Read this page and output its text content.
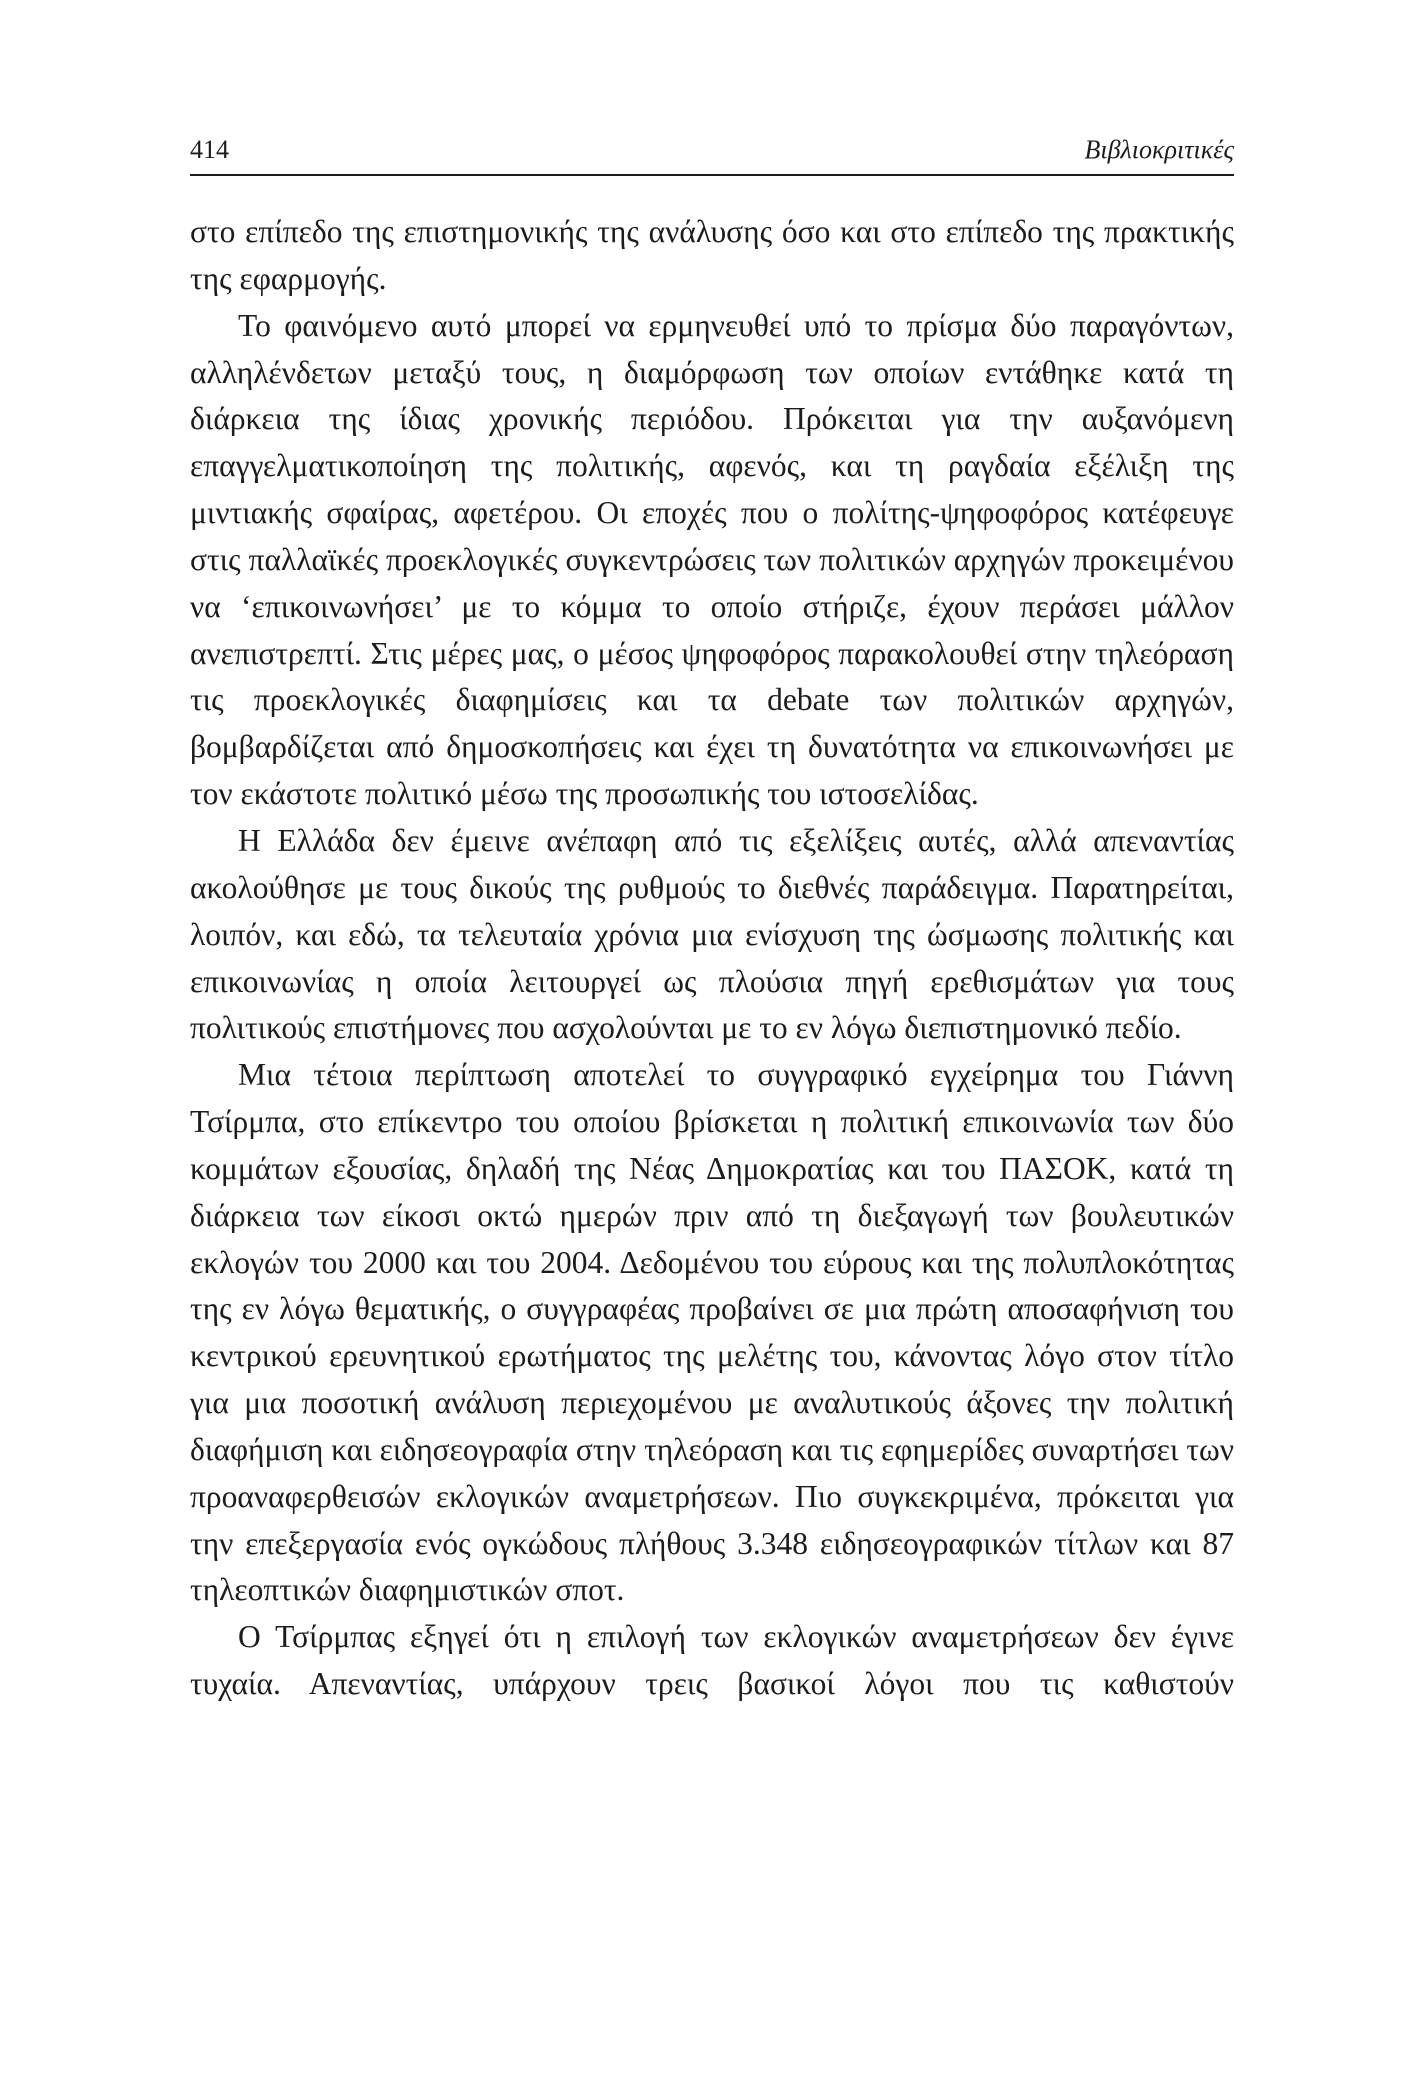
414	Βιβλιοκριτικές

στο επίπεδο της επιστημονικής της ανάλυσης όσο και στο επίπεδο της πρακτικής της εφαρμογής.

Το φαινόμενο αυτό μπορεί να ερμηνευθεί υπό το πρίσμα δύο παραγόντων, αλληλένδετων μεταξύ τους, η διαμόρφωση των οποίων εντάθηκε κατά τη διάρκεια της ίδιας χρονικής περιόδου. Πρόκειται για την αυξανόμενη επαγγελματικοποίηση της πολιτικής, αφενός, και τη ραγδαία εξέλιξη της μιντιακής σφαίρας, αφετέρου. Οι εποχές που ο πολίτης-ψηφοφόρος κατέφευγε στις παλλαϊκές προεκλογικές συγκεντρώσεις των πολιτικών αρχηγών προκειμένου να ‘επικοινωνήσει’ με το κόμμα το οποίο στήριζε, έχουν περάσει μάλλον ανεπιστρεπτί. Στις μέρες μας, ο μέσος ψηφοφόρος παρακολουθεί στην τηλεόραση τις προεκλογικές διαφημίσεις και τα debate των πολιτικών αρχηγών, βομβαρδίζεται από δημοσκοπήσεις και έχει τη δυνατότητα να επικοινωνήσει με τον εκάστοτε πολιτικό μέσω της προσωπικής του ιστοσελίδας.

Η Ελλάδα δεν έμεινε ανέπαφη από τις εξελίξεις αυτές, αλλά απεναντίας ακολούθησε με τους δικούς της ρυθμούς το διεθνές παράδειγμα. Παρατηρείται, λοιπόν, και εδώ, τα τελευταία χρόνια μια ενίσχυση της ώσμωσης πολιτικής και επικοινωνίας η οποία λειτουργεί ως πλούσια πηγή ερεθισμάτων για τους πολιτικούς επιστήμονες που ασχολούνται με το εν λόγω διεπιστημονικό πεδίο.

Μια τέτοια περίπτωση αποτελεί το συγγραφικό εγχείρημα του Γιάννη Τσίρμπα, στο επίκεντρο του οποίου βρίσκεται η πολιτική επικοινωνία των δύο κομμάτων εξουσίας, δηλαδή της Νέας Δημοκρατίας και του ΠΑΣΟΚ, κατά τη διάρκεια των είκοσι οκτώ ημερών πριν από τη διεξαγωγή των βουλευτικών εκλογών του 2000 και του 2004. Δεδομένου του εύρους και της πολυπλοκότητας της εν λόγω θεματικής, ο συγγραφέας προβαίνει σε μια πρώτη αποσαφήνιση του κεντρικού ερευνητικού ερωτήματος της μελέτης του, κάνοντας λόγο στον τίτλο για μια ποσοτική ανάλυση περιεχομένου με αναλυτικούς άξονες την πολιτική διαφήμιση και ειδησεογραφία στην τηλεόραση και τις εφημερίδες συναρτήσει των προαναφερθεισών εκλογικών αναμετρήσεων. Πιο συγκεκριμένα, πρόκειται για την επεξεργασία ενός ογκώδους πλήθους 3.348 ειδησεογραφικών τίτλων και 87 τηλεοπτικών διαφημιστικών σποτ.

Ο Τσίρμπας εξηγεί ότι η επιλογή των εκλογικών αναμετρήσεων δεν έγινε τυχαία. Απεναντίας, υπάρχουν τρεις βασικοί λόγοι που τις καθιστούν
